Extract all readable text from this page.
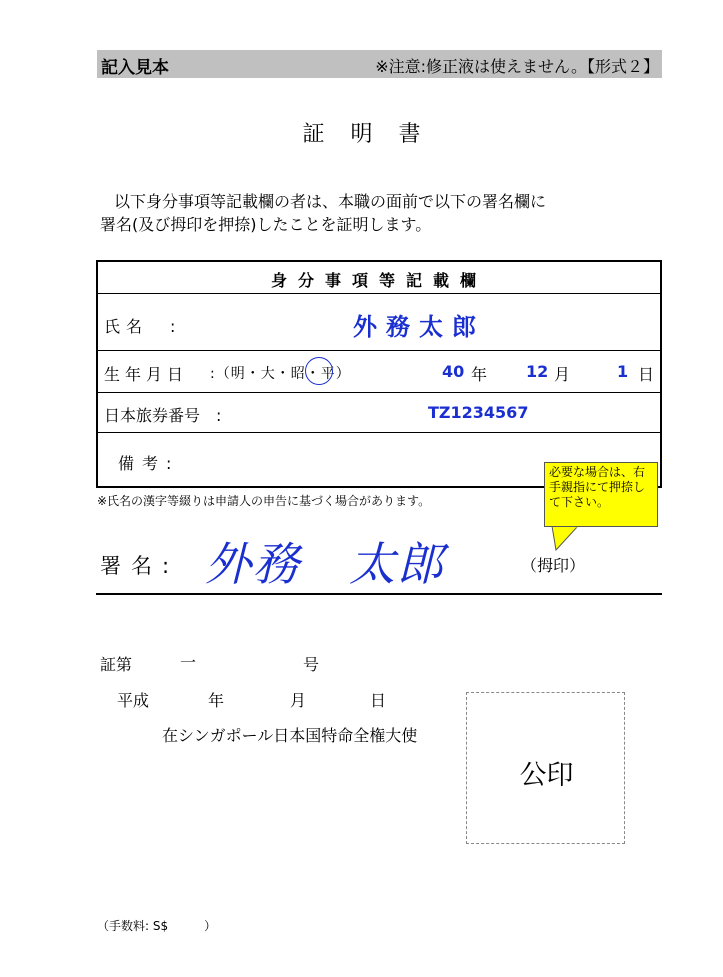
記入見本	※注意:修正液は使えません。【形式２】
証明書
以下身分事項等記載欄の者は、本職の面前で以下の署名欄に
署名(及び拇印を押捺)したことを証明します。
身分事項等記載欄
氏名　:	外務太郎
生年月日 :（明・大・昭・平）	40 年 12 月	1 日
日本旅券番号　:	TZ1234567
備考:
※氏名の漢字等綴りは申請人の申告に基づく場合があります。
必要な場合は、右手親指にて押捺して下さい。
署名: 外務　太郎	（拇印）
証第	一	号
平成	年	月	日
在シンガポール日本国特命全権大使
公印
（手数料: S$　　　）
